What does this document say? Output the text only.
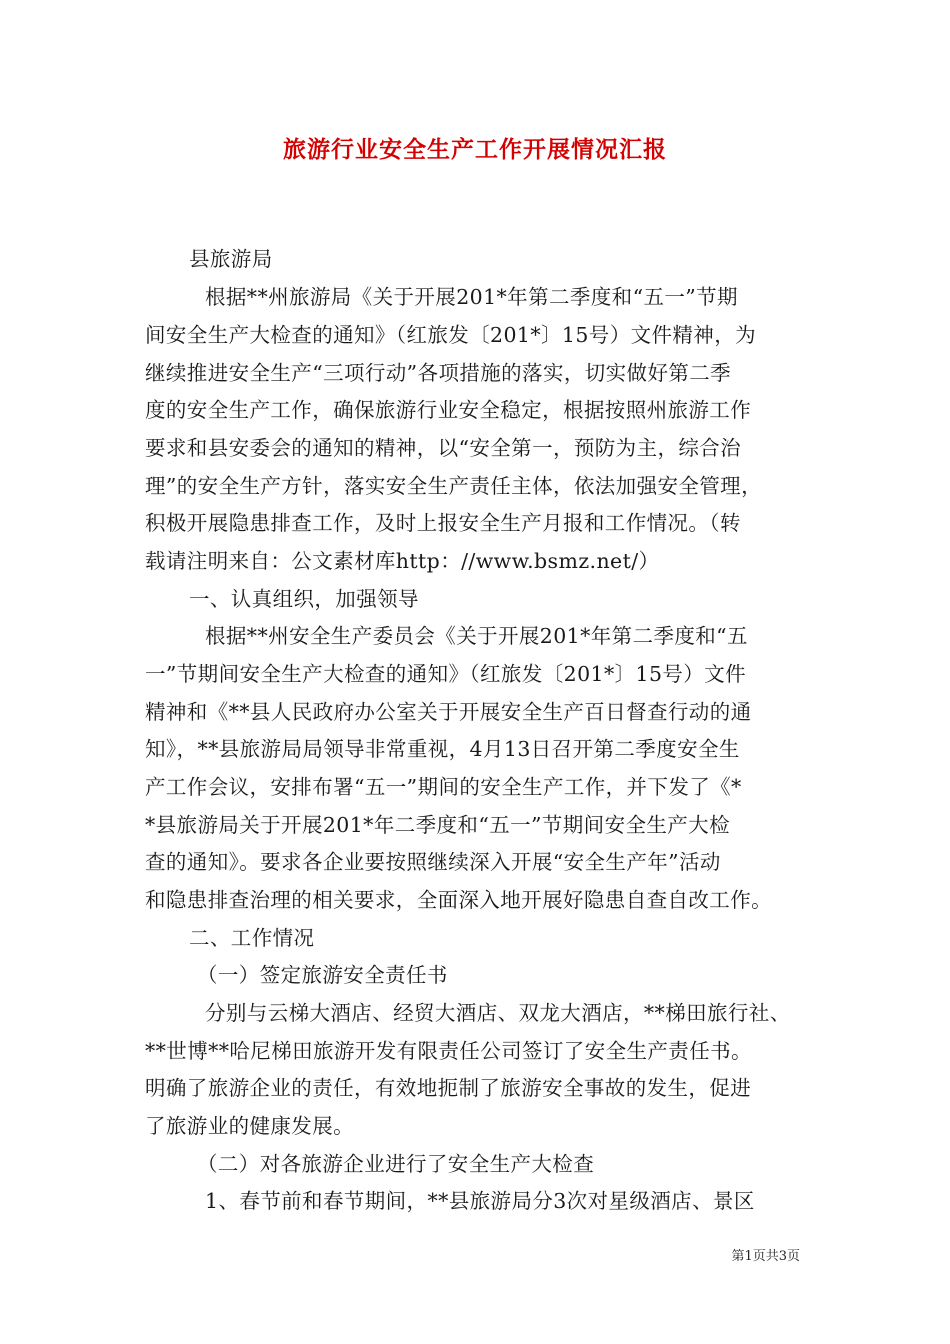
旅游行业安全生产工作开展情况汇报
县旅游局
根据**州旅游局《关于开展201*年第二季度和“五一”节期
间安全生产大检查的通知》（红旅发〔201*〕15号）文件精神，为
继续推进安全生产“三项行动”各项措施的落实，切实做好第二季
度的安全生产工作，确保旅游行业安全稳定，根据按照州旅游工作
要求和县安委会的通知的精神，以“安全第一，预防为主，综合治
理”的安全生产方针，落实安全生产责任主体，依法加强安全管理，
积极开展隐患排查工作，及时上报安全生产月报和工作情况。（转
载请注明来自：公文素材库http：//www.bsmz.net/）
一、认真组织，加强领导
根据**州安全生产委员会《关于开展201*年第二季度和“五
一”节期间安全生产大检查的通知》（红旅发〔201*〕15号）文件
精神和《**县人民政府办公室关于开展安全生产百日督查行动的通
知》，**县旅游局局领导非常重视，4月13日召开第二季度安全生
产工作会议，安排布署“五一”期间的安全生产工作，并下发了《*
*县旅游局关于开展201*年二季度和“五一”节期间安全生产大检
查的通知》。要求各企业要按照继续深入开展“安全生产年”活动
和隐患排查治理的相关要求，全面深入地开展好隐患自查自改工作。
二、工作情况
（一）签定旅游安全责任书
分别与云梯大酒店、经贸大酒店、双龙大酒店，**梯田旅行社、
**世博**哈尼梯田旅游开发有限责任公司签订了安全生产责任书。
明确了旅游企业的责任，有效地扼制了旅游安全事故的发生，促进
了旅游业的健康发展。
（二）对各旅游企业进行了安全生产大检查
1、春节前和春节期间，**县旅游局分3次对星级酒店、景区
第1页共3页
